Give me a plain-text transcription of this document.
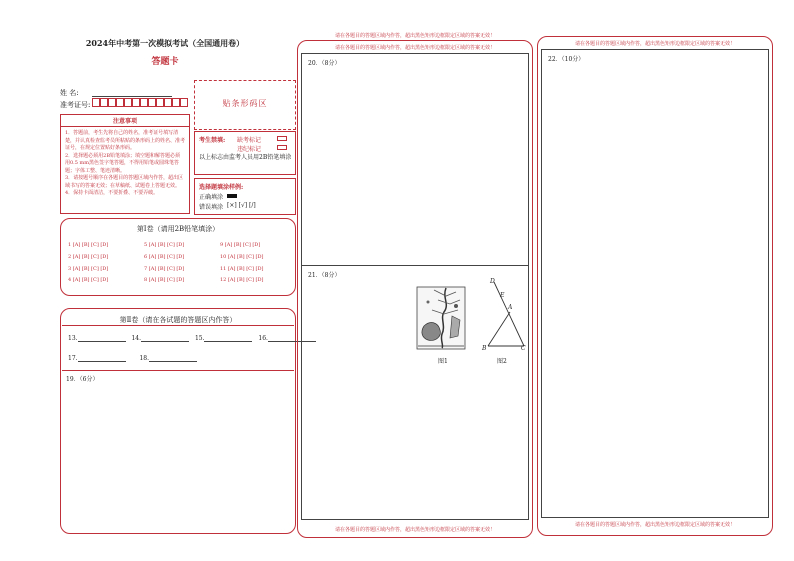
2024年中考第一次模拟考试（全国通用卷）
答题卡
姓 名:
准考证号:	贴条形码区
注意事项
1．答题前，考生先将自己的姓名，准考证号填写清楚，并认真检查监考员所粘贴的条形码上的姓名、准考证号，在规定位置贴好条形码。
2．选择题必须用2B铅笔填涂；填空题和解答题必须用0.5 mm黑色签字笔答题，不得用铅笔或圆珠笔答题；字体工整、笔迹清晰。
3．请按题号顺序在各题目的答题区域内作答，超出区域书写的答案无效；在草稿纸、试题卷上答题无效。
4．保持卡面清洁，不要折叠、不要弄破。
考生禁填: 缺考标记
违纪标记
以上标志由监考人员用2B铅笔填涂
选择题填涂样例:
正确填涂
错误填涂 [×] [√] [/]
第Ⅰ卷（请用2B铅笔填涂）
1 [A] [B] [C] [D]	5 [A] [B] [C] [D]	9 [A] [B] [C] [D]
2 [A] [B] [C] [D]	6 [A] [B] [C] [D]	10 [A] [B] [C] [D]
3 [A] [B] [C] [D]	7 [A] [B] [C] [D]	11 [A] [B] [C] [D]
4 [A] [B] [C] [D]	8 [A] [B] [C] [D]	12 [A] [B] [C] [D]
第Ⅱ卷（请在各试题的答题区内作答）
13.	14.	15.	16.
17.	18.
19．（6分）
请在各题目的答题区域内作答，超出黑色矩形边框限定区域的答案无效！
请在各题目的答题区域内作答，超出黑色矩形边框限定区域的答案无效！
20．（8分）
21．（8分）
请在各题目的答题区域内作答，超出黑色矩形边框限定区域的答案无效！
图1
D
E
A
B	C
图2
请在各题目的答题区域内作答，超出黑色矩形边框限定区域的答案无效！
22．（10分）
请在各题目的答题区域内作答，超出黑色矩形边框限定区域的答案无效！
